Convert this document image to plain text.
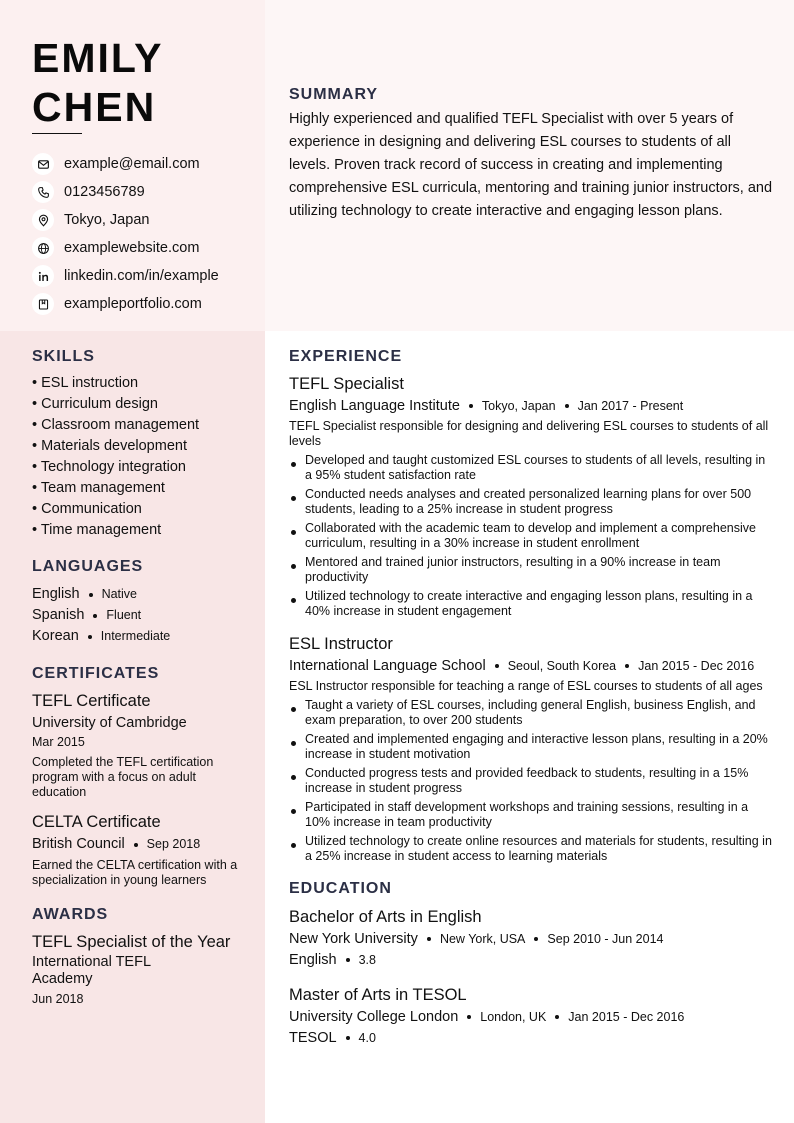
EMILY
CHEN
example@email.com
0123456789
Tokyo, Japan
examplewebsite.com
linkedin.com/in/example
exampleportfolio.com
SUMMARY

Highly experienced and qualified TEFL Specialist with over 5 years of experience in designing and delivering ESL courses to students of all levels. Proven track record of success in creating and implementing comprehensive ESL curricula, mentoring and training junior instructors, and utilizing technology to create interactive and engaging lesson plans.

SKILLS
• ESL instruction
• Curriculum design
• Classroom management
• Materials development
• Technology integration
• Team management
• Communication
• Time management
LANGUAGES
English Native
Spanish Fluent
Korean Intermediate
CERTIFICATES
TEFL Certificate
University of Cambridge
Mar 2015
Completed the TEFL certification program with a focus on adult education
CELTA Certificate
British Council Sep 2018
Earned the CELTA certification with a specialization in young learners
AWARDS
TEFL Specialist of the Year
International TEFL Academy
Jun 2018
EXPERIENCE
TEFL Specialist
English Language Institute Tokyo, Japan Jan 2017 - Present
TEFL Specialist responsible for designing and delivering ESL courses to students of all levels
Developed and taught customized ESL courses to students of all levels, resulting in a 95% student satisfaction rate
Conducted needs analyses and created personalized learning plans for over 500 students, leading to a 25% increase in student progress
Collaborated with the academic team to develop and implement a comprehensive curriculum, resulting in a 30% increase in student enrollment
Mentored and trained junior instructors, resulting in a 90% increase in team productivity
Utilized technology to create interactive and engaging lesson plans, resulting in a 40% increase in student engagement
ESL Instructor
International Language School Seoul, South Korea Jan 2015 - Dec 2016
ESL Instructor responsible for teaching a range of ESL courses to students of all ages
Taught a variety of ESL courses, including general English, business English, and exam preparation, to over 200 students
Created and implemented engaging and interactive lesson plans, resulting in a 20% increase in student motivation
Conducted progress tests and provided feedback to students, resulting in a 15% increase in student progress
Participated in staff development workshops and training sessions, resulting in a 10% increase in team productivity
Utilized technology to create online resources and materials for students, resulting in a 25% increase in student access to learning materials
EDUCATION
Bachelor of Arts in English
New York University New York, USA Sep 2010 - Jun 2014
English 3.8
Master of Arts in TESOL
University College London London, UK Jan 2015 - Dec 2016
TESOL 4.0
